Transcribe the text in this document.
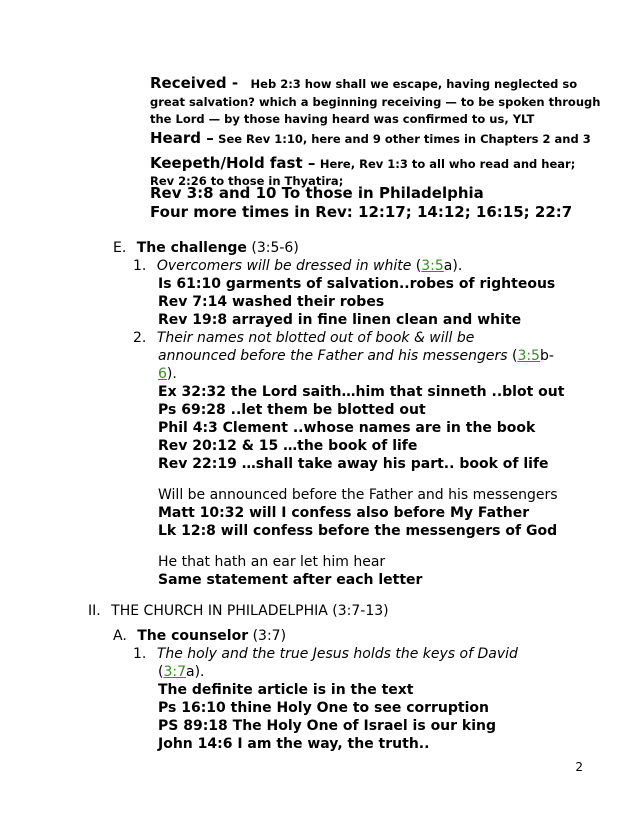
Received - Heb 2:3 how shall we escape, having neglected so
great salvation? which a beginning receiving — to be spoken through
the Lord — by those having heard was confirmed to us, YLT
Heard – See Rev 1:10, here and 9 other times in Chapters 2 and 3
Keepeth/Hold fast – Here, Rev 1:3 to all who read and hear;
Rev 2:26 to those in Thyatira;
Rev 3:8 and 10 To those in Philadelphia
Four more times in Rev: 12:17; 14:12; 16:15; 22:7
E. The challenge (3:5-6)
1. Overcomers will be dressed in white (3:5a).
Is 61:10 garments of salvation..robes of righteous
Rev 7:14 washed their robes
Rev 19:8 arrayed in fine linen clean and white
2. Their names not blotted out of book & will be
announced before the Father and his messengers (3:5b-
6).
Ex 32:32 the Lord saith…him that sinneth ..blot out
Ps 69:28 ..let them be blotted out
Phil 4:3 Clement ..whose names are in the book
Rev 20:12 & 15 …the book of life
Rev 22:19 …shall take away his part.. book of life
Will be announced before the Father and his messengers
Matt 10:32 will I confess also before My Father
Lk 12:8 will confess before the messengers of God
He that hath an ear let him hear
Same statement after each letter
II. THE CHURCH IN PHILADELPHIA (3:7-13)
A. The counselor (3:7)
1. The holy and the true Jesus holds the keys of David
(3:7a).
The definite article is in the text
Ps 16:10 thine Holy One to see corruption
PS 89:18 The Holy One of Israel is our king
John 14:6 I am the way, the truth..
2
